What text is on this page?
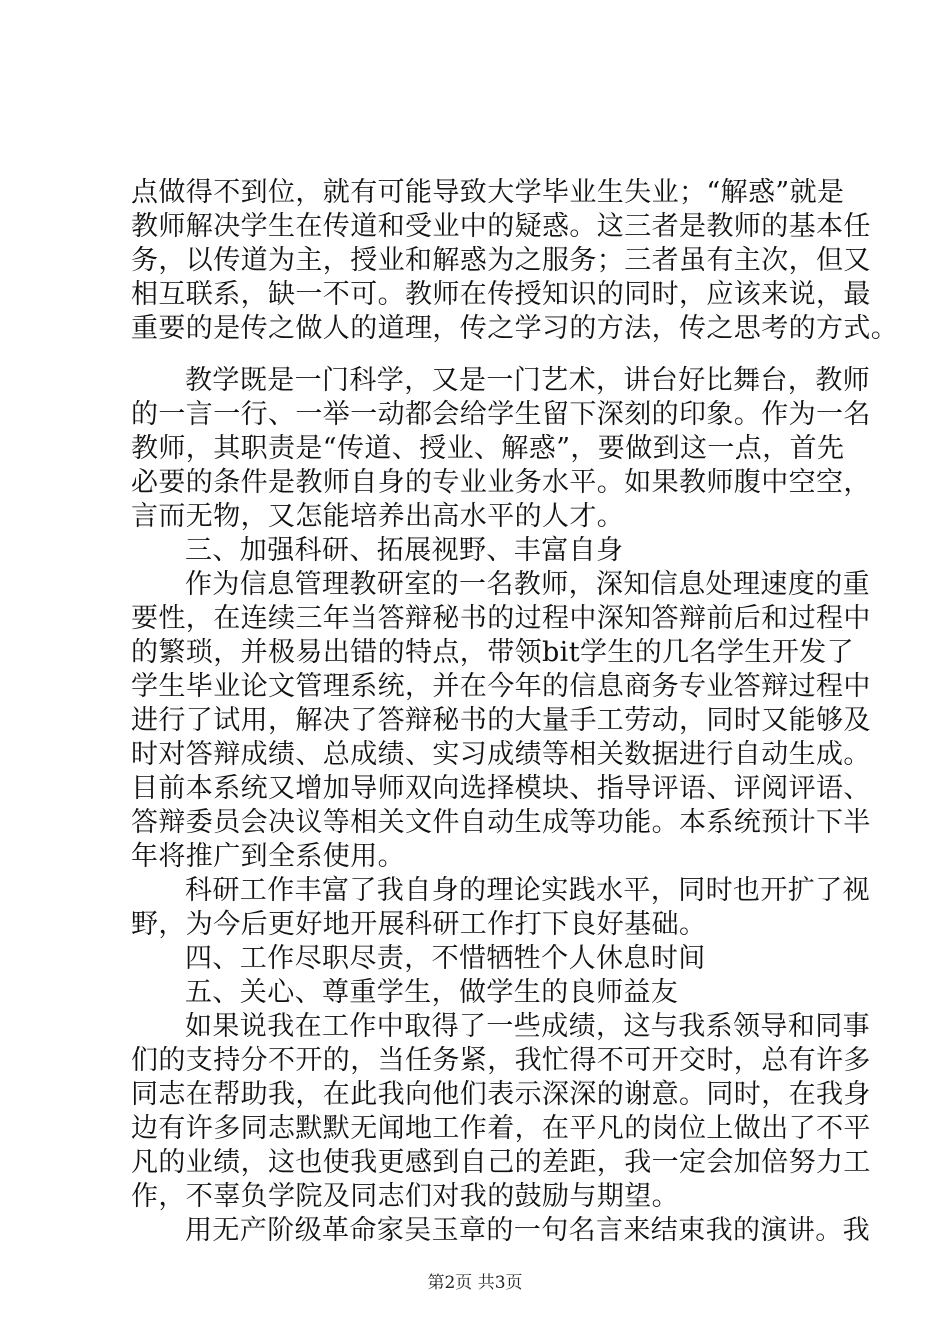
点做得不到位，就有可能导致大学毕业生失业；“解惑”就是
教师解决学生在传道和受业中的疑惑。这三者是教师的基本任
务，以传道为主，授业和解惑为之服务；三者虽有主次，但又
相互联系，缺一不可。教师在传授知识的同时，应该来说，最
重要的是传之做人的道理，传之学习的方法，传之思考的方式。
教学既是一门科学，又是一门艺术，讲台好比舞台，教师
的一言一行、一举一动都会给学生留下深刻的印象。作为一名
教师，其职责是“传道、授业、解惑”，要做到这一点，首先
必要的条件是教师自身的专业业务水平。如果教师腹中空空，
言而无物，又怎能培养出高水平的人才。
三、加强科研、拓展视野、丰富自身
作为信息管理教研室的一名教师，深知信息处理速度的重
要性，在连续三年当答辩秘书的过程中深知答辩前后和过程中
的繁琐，并极易出错的特点，带领bit学生的几名学生开发了
学生毕业论文管理系统，并在今年的信息商务专业答辩过程中
进行了试用，解决了答辩秘书的大量手工劳动，同时又能够及
时对答辩成绩、总成绩、实习成绩等相关数据进行自动生成。
目前本系统又增加导师双向选择模块、指导评语、评阅评语、
答辩委员会决议等相关文件自动生成等功能。本系统预计下半
年将推广到全系使用。
科研工作丰富了我自身的理论实践水平，同时也开扩了视
野，为今后更好地开展科研工作打下良好基础。
四、工作尽职尽责，不惜牺牲个人休息时间
五、关心、尊重学生，做学生的良师益友
如果说我在工作中取得了一些成绩，这与我系领导和同事
们的支持分不开的，当任务紧，我忙得不可开交时，总有许多
同志在帮助我，在此我向他们表示深深的谢意。同时，在我身
边有许多同志默默无闻地工作着，在平凡的岗位上做出了不平
凡的业绩，这也使我更感到自己的差距，我一定会加倍努力工
作，不辜负学院及同志们对我的鼓励与期望。
用无产阶级革命家吴玉章的一句名言来结束我的演讲。我
第2页 共3页
